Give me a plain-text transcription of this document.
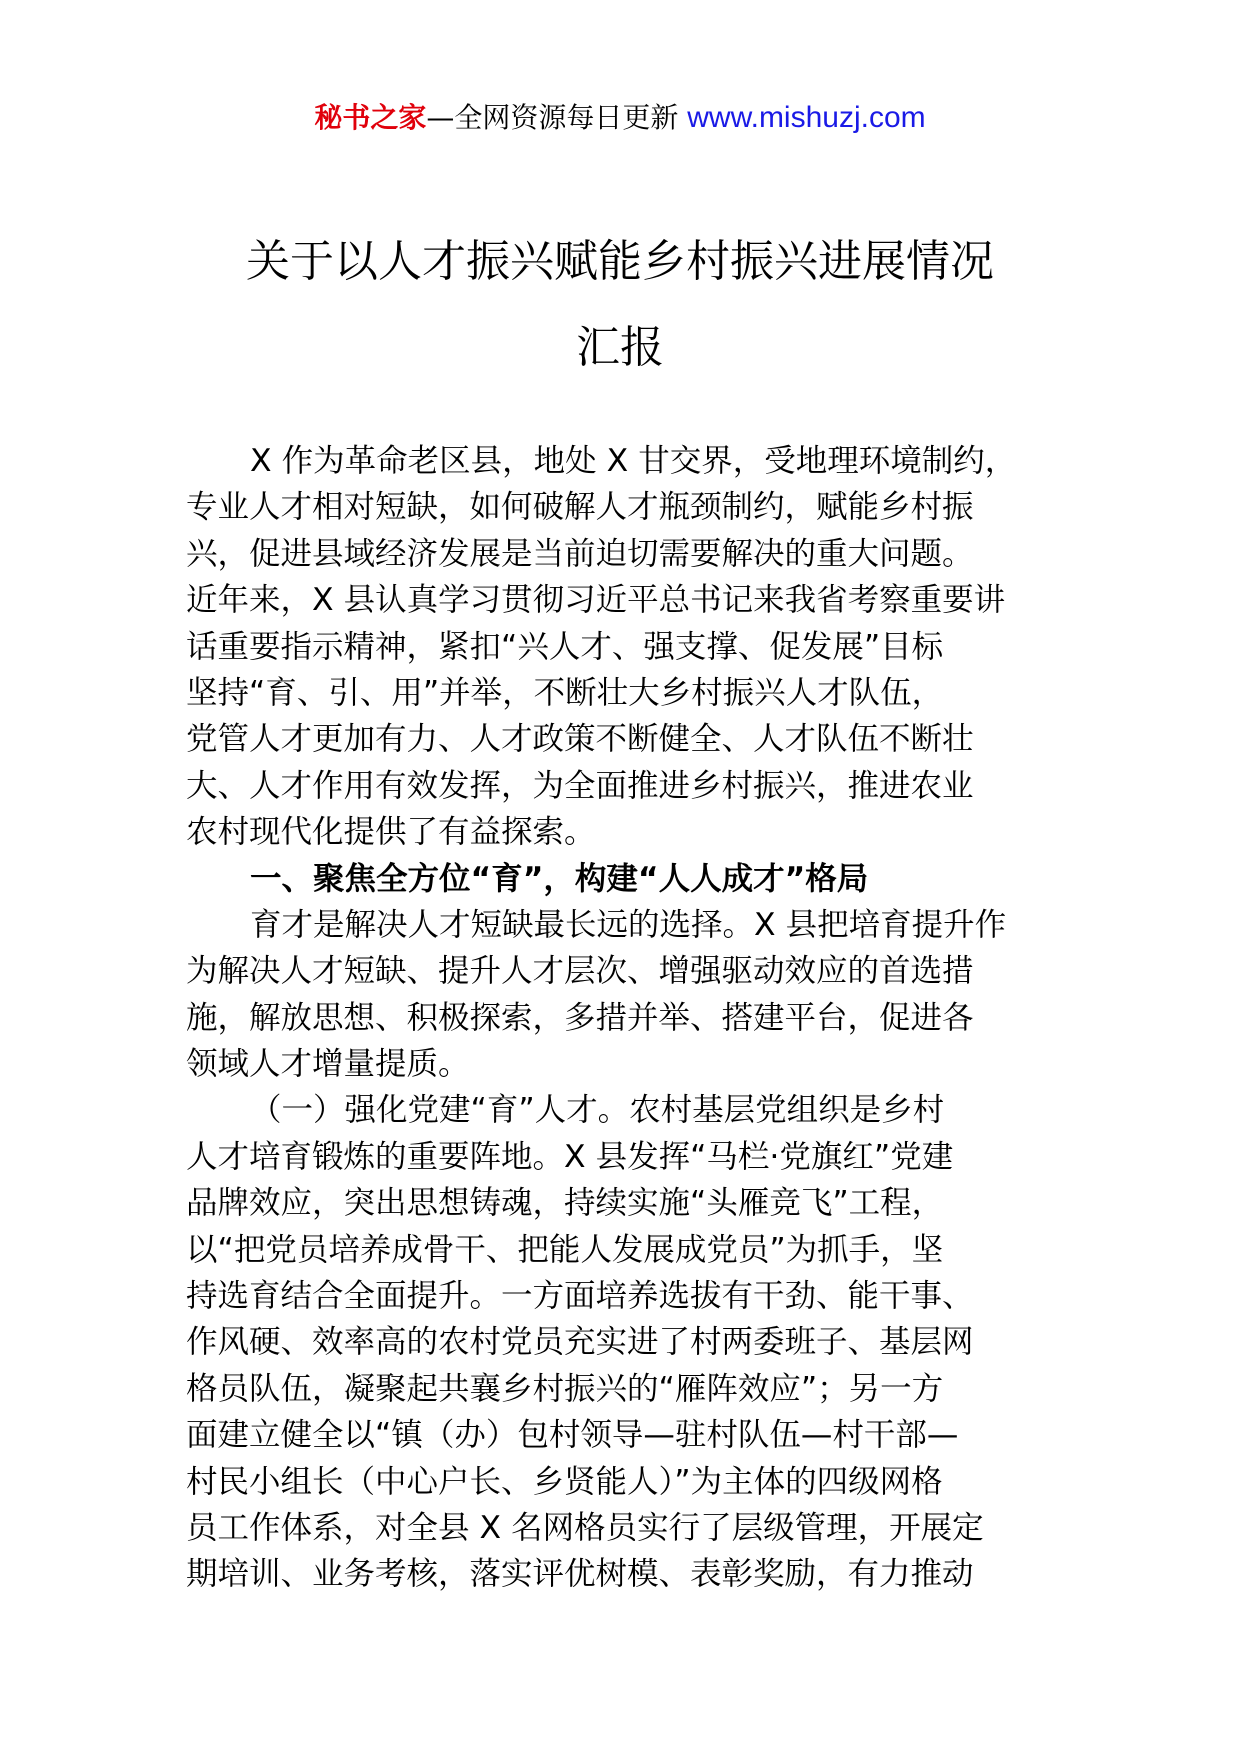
秘书之家—全网资源每日更新 www.mishuzj.com
关于以人才振兴赋能乡村振兴进展情况
汇报
X 作为革命老区县，地处 X 甘交界，受地理环境制约，
专业人才相对短缺，如何破解人才瓶颈制约，赋能乡村振
兴，促进县域经济发展是当前迫切需要解决的重大问题。
近年来，X 县认真学习贯彻习近平总书记来我省考察重要讲
话重要指示精神，紧扣“兴人才、强支撑、促发展”目标
坚持“育、引、用”并举，不断壮大乡村振兴人才队伍，
党管人才更加有力、人才政策不断健全、人才队伍不断壮
大、人才作用有效发挥，为全面推进乡村振兴，推进农业
农村现代化提供了有益探索。
一、聚焦全方位“育”，构建“人人成才”格局
育才是解决人才短缺最长远的选择。X 县把培育提升作
为解决人才短缺、提升人才层次、增强驱动效应的首选措
施，解放思想、积极探索，多措并举、搭建平台，促进各
领域人才增量提质。
（一）强化党建“育”人才。农村基层党组织是乡村
人才培育锻炼的重要阵地。X 县发挥“马栏·党旗红”党建
品牌效应，突出思想铸魂，持续实施“头雁竞飞”工程，
以“把党员培养成骨干、把能人发展成党员”为抓手，坚
持选育结合全面提升。一方面培养选拔有干劲、能干事、
作风硬、效率高的农村党员充实进了村两委班子、基层网
格员队伍，凝聚起共襄乡村振兴的“雁阵效应”；另一方
面建立健全以“镇（办）包村领导—驻村队伍—村干部—
村民小组长（中心户长、乡贤能人）”为主体的四级网格
员工作体系，对全县 X 名网格员实行了层级管理，开展定
期培训、业务考核，落实评优树模、表彰奖励，有力推动
